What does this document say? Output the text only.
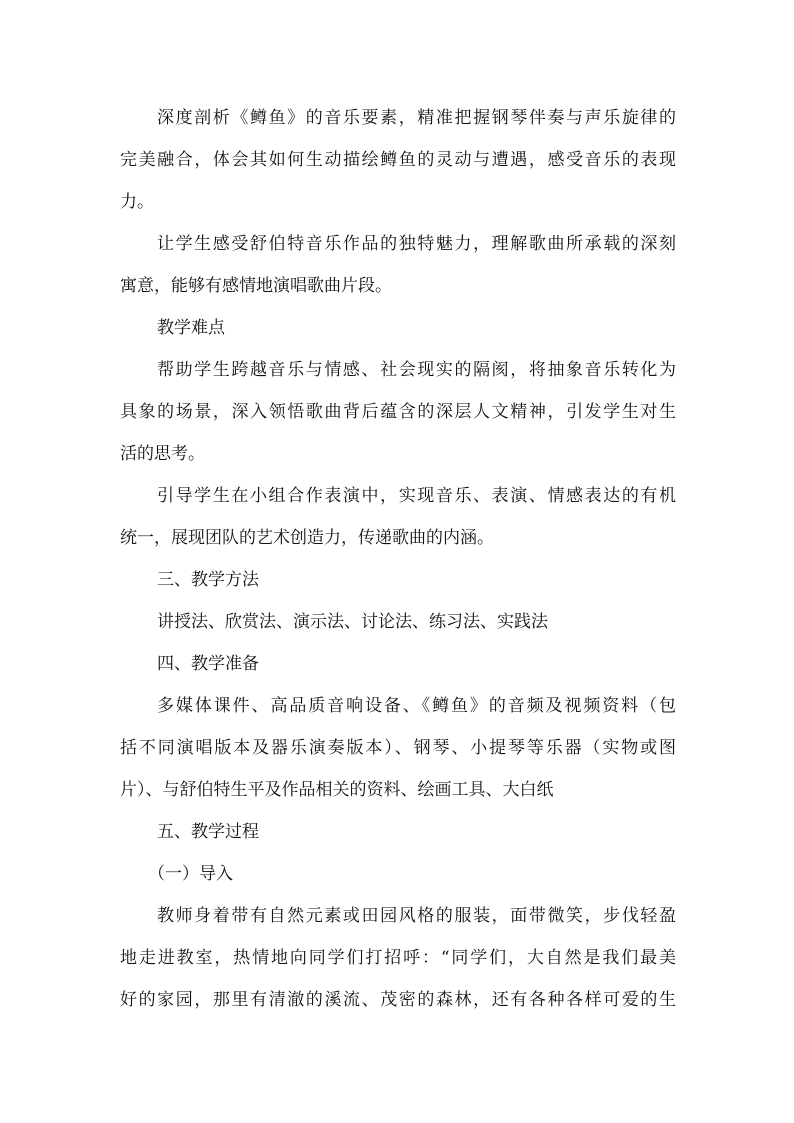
深度剖析《鳟鱼》的音乐要素，精准把握钢琴伴奏与声乐旋律的
完美融合，体会其如何生动描绘鳟鱼的灵动与遭遇，感受音乐的表现
力。
让学生感受舒伯特音乐作品的独特魅力，理解歌曲所承载的深刻
寓意，能够有感情地演唱歌曲片段。
教学难点
帮助学生跨越音乐与情感、社会现实的隔阂，将抽象音乐转化为
具象的场景，深入领悟歌曲背后蕴含的深层人文精神，引发学生对生
活的思考。
引导学生在小组合作表演中，实现音乐、表演、情感表达的有机
统一，展现团队的艺术创造力，传递歌曲的内涵。
三、教学方法
讲授法、欣赏法、演示法、讨论法、练习法、实践法
四、教学准备
多媒体课件、高品质音响设备、《鳟鱼》的音频及视频资料（包
括不同演唱版本及器乐演奏版本）、钢琴、小提琴等乐器（实物或图
片）、与舒伯特生平及作品相关的资料、绘画工具、大白纸
五、教学过程
（一）导入
教师身着带有自然元素或田园风格的服装，面带微笑，步伐轻盈
地走进教室，热情地向同学们打招呼：“同学们，大自然是我们最美
好的家园，那里有清澈的溪流、茂密的森林，还有各种各样可爱的生
